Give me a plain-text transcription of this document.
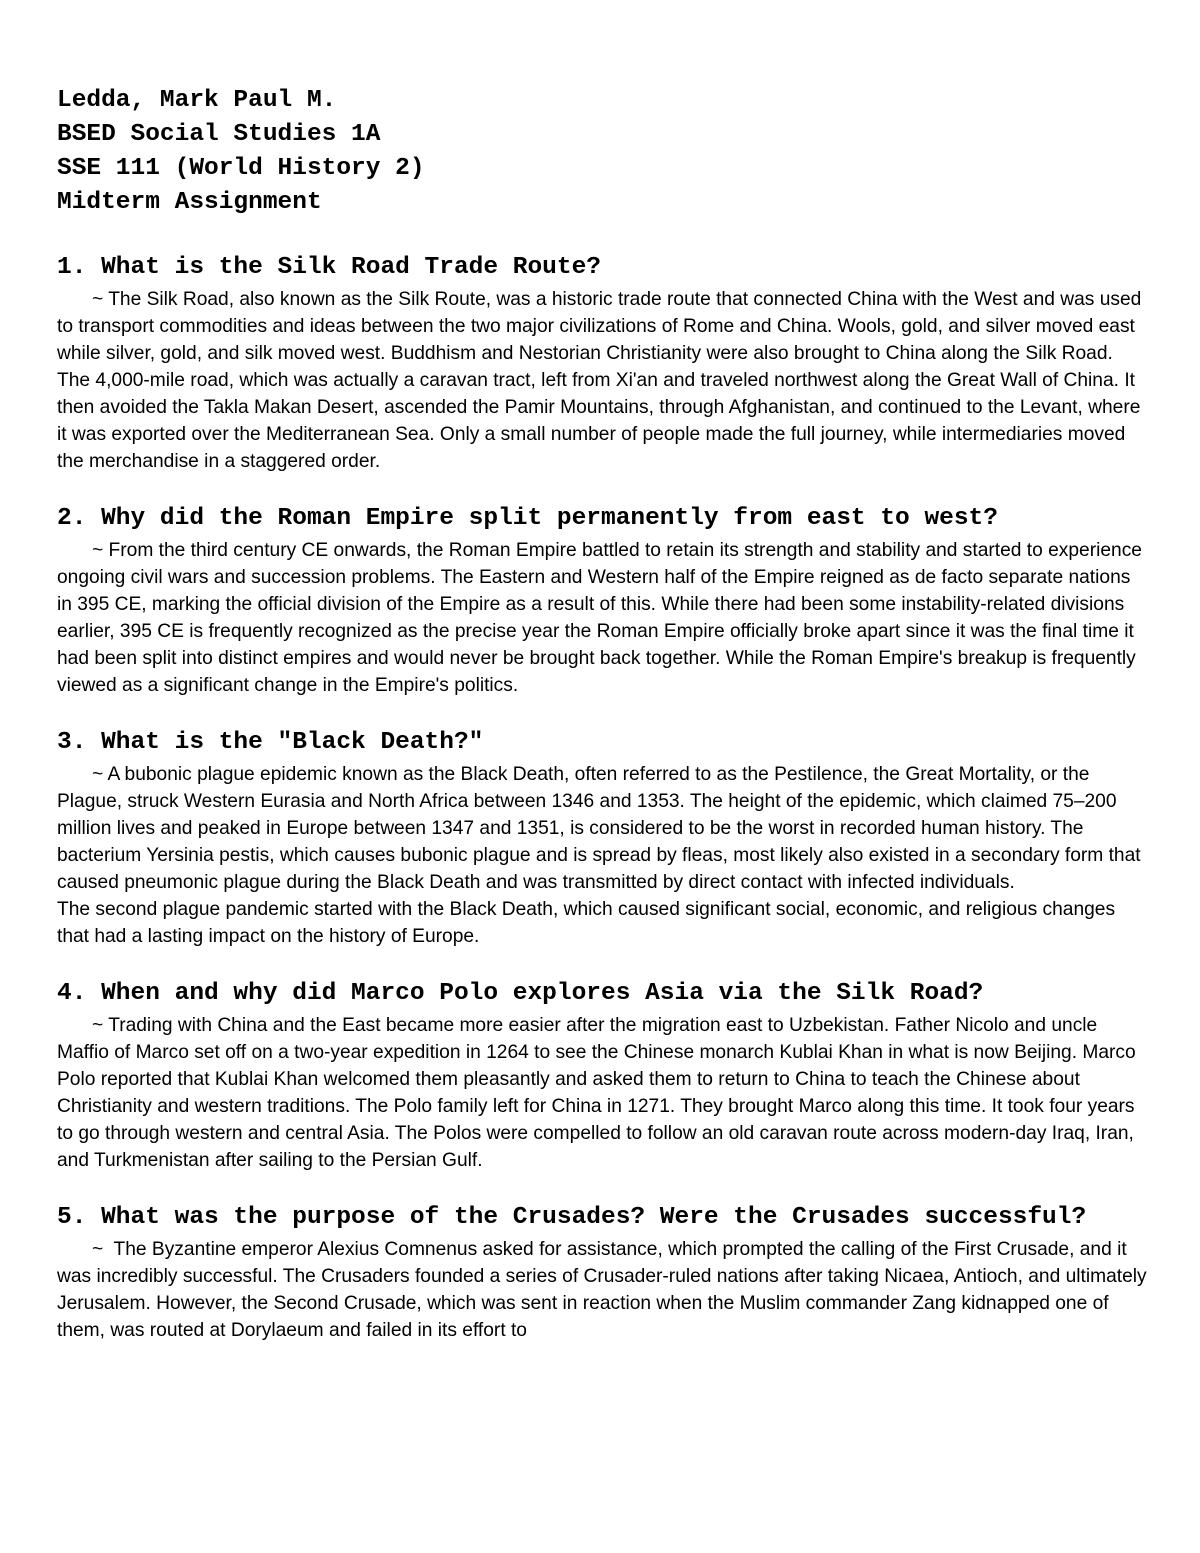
Ledda, Mark Paul M.

BSED Social Studies 1A

SSE 111 (World History 2)

Midterm Assignment

1. What is the Silk Road Trade Route?

~ The Silk Road, also known as the Silk Route, was a historic trade route that connected China with the West and was used to transport commodities and ideas between the two major civilizations of Rome and China. Wools, gold, and silver moved east while silver, gold, and silk moved west. Buddhism and Nestorian Christianity were also brought to China along the Silk Road.

The 4,000-mile road, which was actually a caravan tract, left from Xi'an and traveled northwest along the Great Wall of China. It then avoided the Takla Makan Desert, ascended the Pamir Mountains, through Afghanistan, and continued to the Levant, where it was exported over the Mediterranean Sea. Only a small number of people made the full journey, while intermediaries moved the merchandise in a staggered order.

2. Why did the Roman Empire split permanently from east to west?

~ From the third century CE onwards, the Roman Empire battled to retain its strength and stability and started to experience ongoing civil wars and succession problems. The Eastern and Western half of the Empire reigned as de facto separate nations in 395 CE, marking the official division of the Empire as a result of this. While there had been some instability-related divisions earlier, 395 CE is frequently recognized as the precise year the Roman Empire officially broke apart since it was the final time it had been split into distinct empires and would never be brought back together. While the Roman Empire's breakup is frequently viewed as a significant change in the Empire's politics.

3. What is the "Black Death?"

~ A bubonic plague epidemic known as the Black Death, often referred to as the Pestilence, the Great Mortality, or the Plague, struck Western Eurasia and North Africa between 1346 and 1353. The height of the epidemic, which claimed 75–200 million lives and peaked in Europe between 1347 and 1351, is considered to be the worst in recorded human history. The bacterium Yersinia pestis, which causes bubonic plague and is spread by fleas, most likely also existed in a secondary form that caused pneumonic plague during the Black Death and was transmitted by direct contact with infected individuals.

The second plague pandemic started with the Black Death, which caused significant social, economic, and religious changes that had a lasting impact on the history of Europe.

4. When and why did Marco Polo explores Asia via the Silk Road?

~ Trading with China and the East became more easier after the migration east to Uzbekistan. Father Nicolo and uncle Maffio of Marco set off on a two-year expedition in 1264 to see the Chinese monarch Kublai Khan in what is now Beijing. Marco Polo reported that Kublai Khan welcomed them pleasantly and asked them to return to China to teach the Chinese about Christianity and western traditions. The Polo family left for China in 1271. They brought Marco along this time. It took four years to go through western and central Asia. The Polos were compelled to follow an old caravan route across modern-day Iraq, Iran, and Turkmenistan after sailing to the Persian Gulf.

5. What was the purpose of the Crusades? Were the Crusades successful?

~  The Byzantine emperor Alexius Comnenus asked for assistance, which prompted the calling of the First Crusade, and it was incredibly successful. The Crusaders founded a series of Crusader-ruled nations after taking Nicaea, Antioch, and ultimately Jerusalem. However, the Second Crusade, which was sent in reaction when the Muslim commander Zang kidnapped one of them, was routed at Dorylaeum and failed in its effort to
